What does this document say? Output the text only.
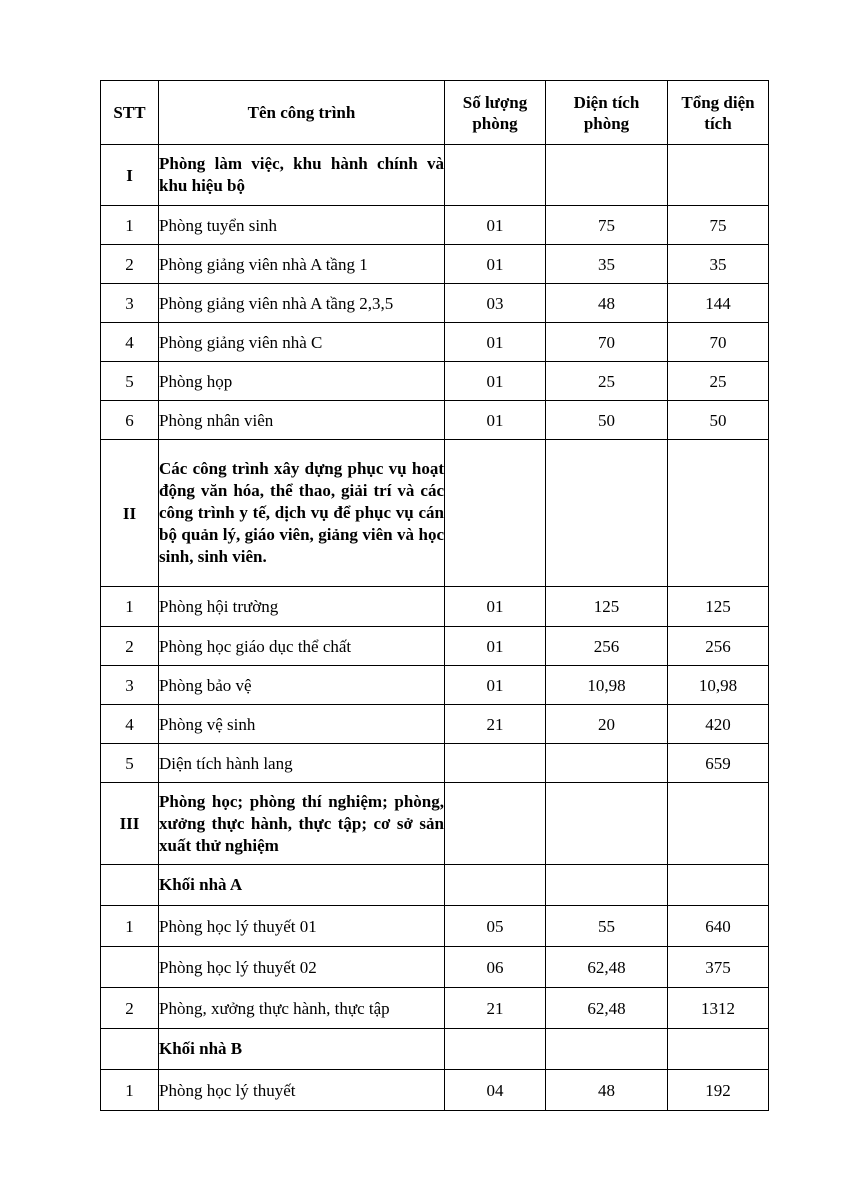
STT	Tên công trình	Số lượng phòng	Diện tích phòng	Tổng diện tích
I	Phòng làm việc, khu hành chính và khu hiệu bộ			
1	Phòng tuyển sinh	01	75	75
2	Phòng giảng viên nhà A tầng 1	01	35	35
3	Phòng giảng viên nhà A tầng 2,3,5	03	48	144
4	Phòng giảng viên nhà C	01	70	70
5	Phòng họp	01	25	25
6	Phòng nhân viên	01	50	50
II	Các công trình xây dựng phục vụ hoạt động văn hóa, thể thao, giải trí và các công trình y tế, dịch vụ để phục vụ cán bộ quản lý, giáo viên, giảng viên và học sinh, sinh viên.			
1	Phòng hội trường	01	125	125
2	Phòng học giáo dục thể chất	01	256	256
3	Phòng bảo vệ	01	10,98	10,98
4	Phòng vệ sinh	21	20	420
5	Diện tích hành lang			659
III	Phòng học; phòng thí nghiệm; phòng, xưởng thực hành, thực tập; cơ sở sản xuất thử nghiệm			
	Khối nhà A			
1	Phòng học lý thuyết 01	05	55	640
	Phòng học lý thuyết 02	06	62,48	375
2	Phòng, xưởng thực hành, thực tập	21	62,48	1312
	Khối nhà B			
1	Phòng học lý thuyết	04	48	192
